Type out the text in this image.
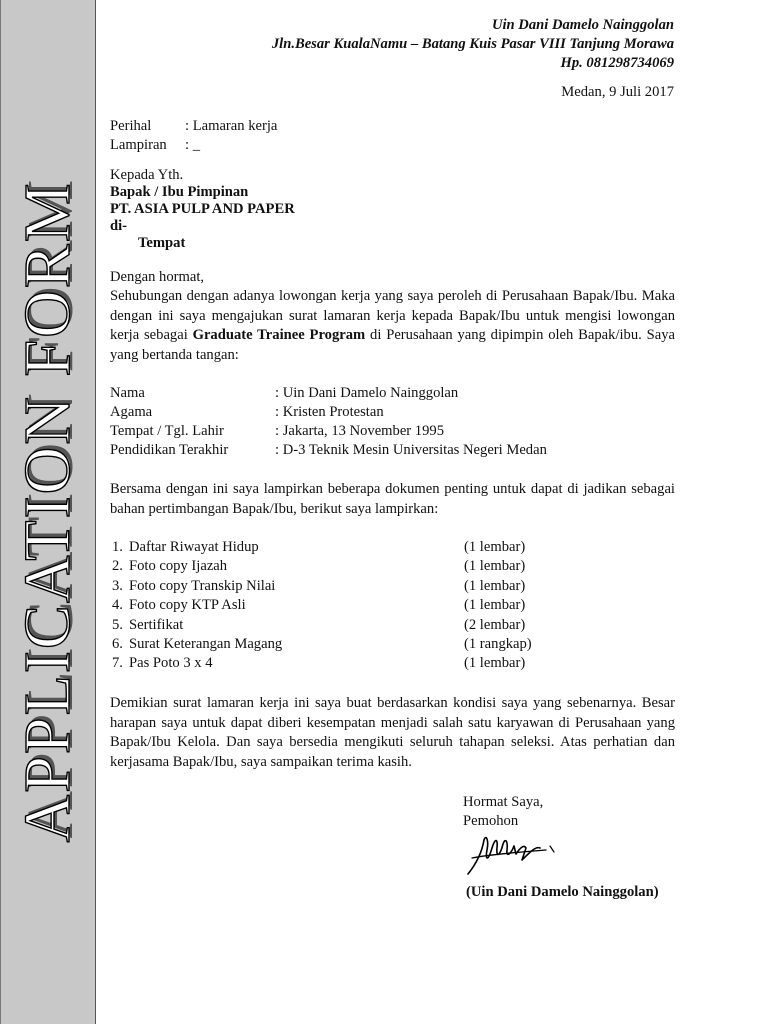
APPLICATION FORM
Uin Dani Damelo Nainggolan
Jln.Besar KualaNamu – Batang Kuis Pasar VIII Tanjung Morawa
Hp. 081298734069
Medan, 9 Juli 2017
Perihal	: Lamaran kerja
Lampiran	: _
Kepada Yth.
Bapak / Ibu Pimpinan
PT. ASIA PULP AND PAPER
di-
Tempat
Dengan hormat,

Sehubungan dengan adanya lowongan kerja yang saya peroleh di Perusahaan Bapak/Ibu. Maka dengan ini saya mengajukan surat lamaran kerja kepada Bapak/Ibu untuk mengisi lowongan kerja sebagai Graduate Trainee Program di Perusahaan yang dipimpin oleh Bapak/ibu. Saya yang bertanda tangan:

Nama	: Uin Dani Damelo Nainggolan
Agama	: Kristen Protestan
Tempat / Tgl. Lahir	: Jakarta, 13 November 1995
Pendidikan Terakhir	: D-3 Teknik Mesin Universitas Negeri Medan

Bersama dengan ini saya lampirkan beberapa dokumen penting untuk dapat di jadikan sebagai bahan pertimbangan Bapak/Ibu, berikut saya lampirkan:

1. Daftar Riwayat Hidup	(1 lembar)
2. Foto copy Ijazah	(1 lembar)
3. Foto copy Transkip Nilai	(1 lembar)
4. Foto copy KTP Asli	(1 lembar)
5. Sertifikat	(2 lembar)
6. Surat Keterangan Magang	(1 rangkap)
7. Pas Poto 3 x 4	(1 lembar)

Demikian surat lamaran kerja ini saya buat berdasarkan kondisi saya yang sebenarnya. Besar harapan saya untuk dapat diberi kesempatan menjadi salah satu karyawan di Perusahaan yang Bapak/Ibu Kelola. Dan saya bersedia mengikuti seluruh tahapan seleksi. Atas perhatian dan kerjasama Bapak/Ibu, saya sampaikan terima kasih.

Hormat Saya,
Pemohon
(Uin Dani Damelo Nainggolan)
